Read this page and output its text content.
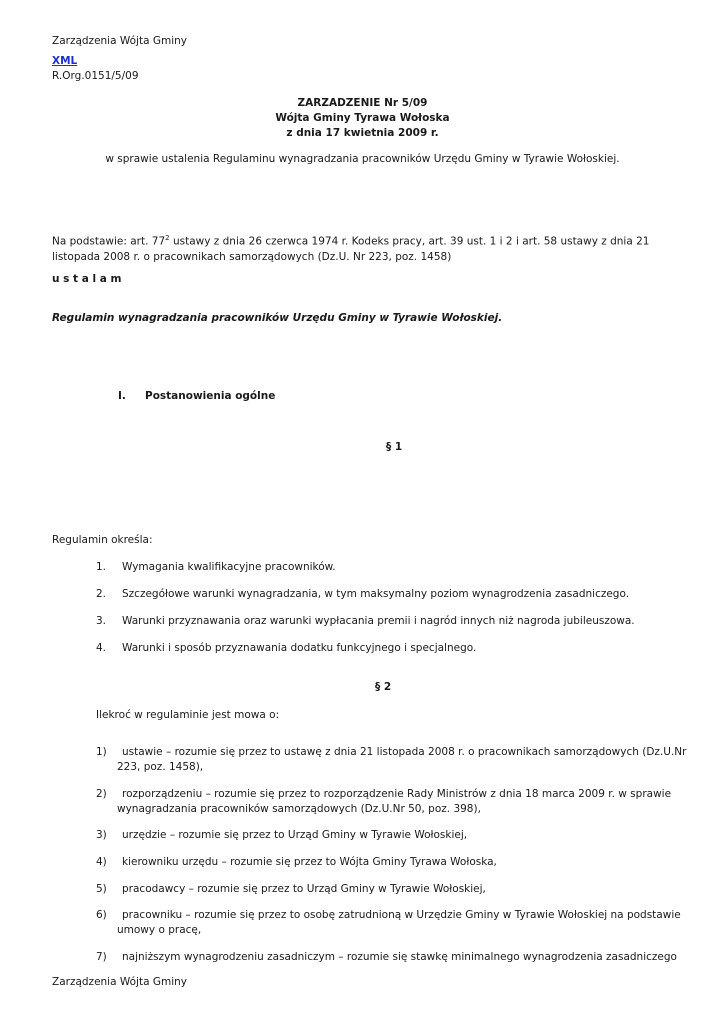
Zarządzenia Wójta Gminy
XML
R.Org.0151/5/09
ZARZADZENIE Nr 5/09
Wójta Gminy Tyrawa Wołoska
z dnia 17 kwietnia 2009 r.
w sprawie ustalenia Regulaminu wynagradzania pracowników Urzędu Gminy w Tyrawie Wołoskiej.
Na podstawie: art. $77^2$ ustawy z dnia 26 czerwca 1974 r. Kodeks pracy, art. 39 ust. 1 i 2 i art. 58 ustawy z dnia 21 listopada 2008 r. o pracownikach samorządowych (Dz.U. Nr 223, poz. 1458)
u s t a l a m
Regulamin wynagradzania pracowników Urzędu Gminy w Tyrawie Wołoskiej.
I. Postanowienia ogólne
§ 1
Regulamin określa:
1. Wymagania kwalifikacyjne pracowników.
2. Szczegółowe warunki wynagradzania, w tym maksymalny poziom wynagrodzenia zasadniczego.
3. Warunki przyznawania oraz warunki wypłacania premii i nagród innych niż nagroda jubileuszowa.
4. Warunki i sposób przyznawania dodatku funkcyjnego i specjalnego.
§ 2
Ilekroć w regulaminie jest mowa o:
1) ustawie – rozumie się przez to ustawę z dnia 21 listopada 2008 r. o pracownikach samorządowych (Dz.U.Nr
223, poz. 1458),
2) rozporządzeniu – rozumie się przez to rozporządzenie Rady Ministrów z dnia 18 marca 2009 r. w sprawie
wynagradzania pracowników samorządowych (Dz.U.Nr 50, poz. 398),
3) urzędzie – rozumie się przez to Urząd Gminy w Tyrawie Wołoskiej,
4) kierowniku urzędu – rozumie się przez to Wójta Gminy Tyrawa Wołoska,
5) pracodawcy – rozumie się przez to Urząd Gminy w Tyrawie Wołoskiej,
6) pracowniku – rozumie się przez to osobę zatrudnioną w Urzędzie Gminy w Tyrawie Wołoskiej na podstawie
umowy o pracę,
7) najniższym wynagrodzeniu zasadniczym – rozumie się stawkę minimalnego wynagrodzenia zasadniczego
Zarządzenia Wójta Gminy
